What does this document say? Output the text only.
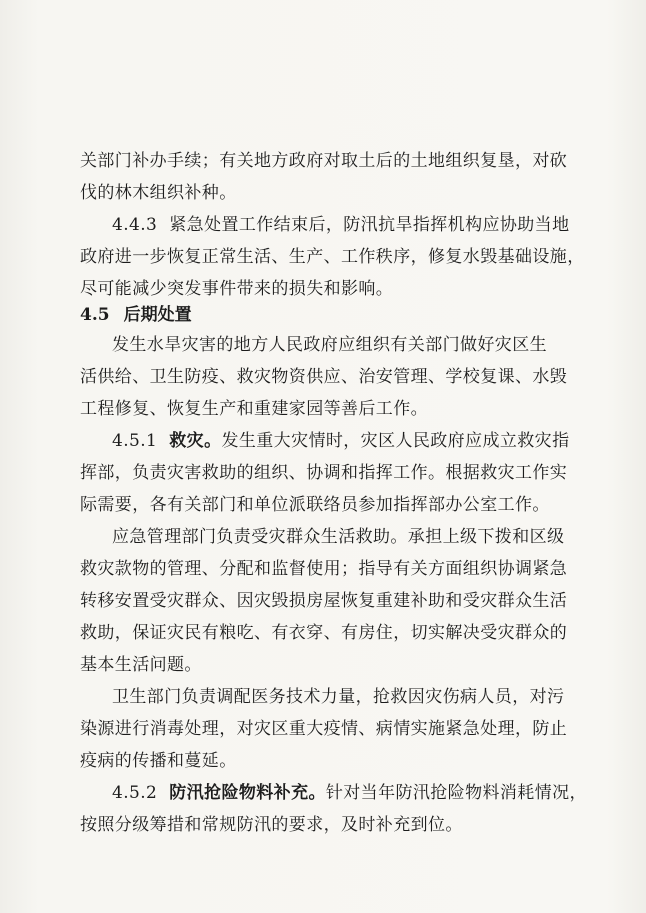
关部门补办手续；有关地方政府对取土后的土地组织复垦，对砍
伐的林木组织补种。
4.4.3 紧急处置工作结束后，防汛抗旱指挥机构应协助当地
政府进一步恢复正常生活、生产、工作秩序，修复水毁基础设施，
尽可能减少突发事件带来的损失和影响。
4.5 后期处置
发生水旱灾害的地方人民政府应组织有关部门做好灾区生
活供给、卫生防疫、救灾物资供应、治安管理、学校复课、水毁
工程修复、恢复生产和重建家园等善后工作。
4.5.1 救灾。发生重大灾情时，灾区人民政府应成立救灾指
挥部，负责灾害救助的组织、协调和指挥工作。根据救灾工作实
际需要，各有关部门和单位派联络员参加指挥部办公室工作。
应急管理部门负责受灾群众生活救助。承担上级下拨和区级
救灾款物的管理、分配和监督使用；指导有关方面组织协调紧急
转移安置受灾群众、因灾毁损房屋恢复重建补助和受灾群众生活
救助，保证灾民有粮吃、有衣穿、有房住，切实解决受灾群众的
基本生活问题。
卫生部门负责调配医务技术力量，抢救因灾伤病人员，对污
染源进行消毒处理，对灾区重大疫情、病情实施紧急处理，防止
疫病的传播和蔓延。
4.5.2 防汛抢险物料补充。针对当年防汛抢险物料消耗情况，
按照分级筹措和常规防汛的要求，及时补充到位。
